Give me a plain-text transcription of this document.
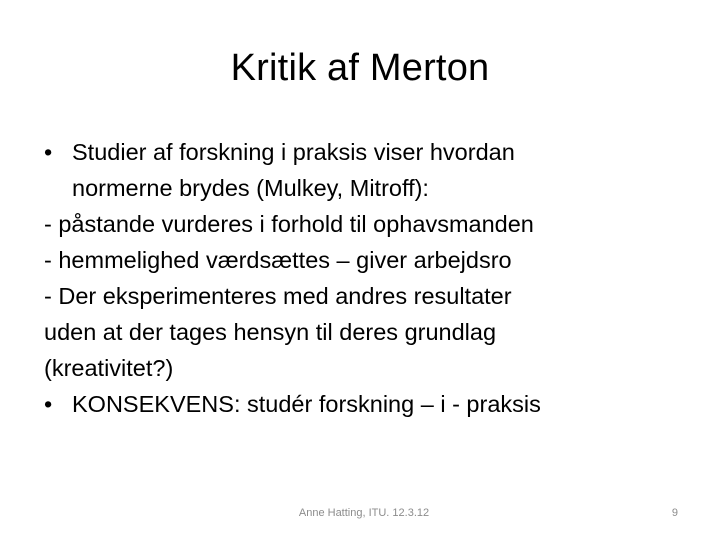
Kritik af Merton
• Studier af forskning i praksis viser hvordan
normerne brydes (Mulkey, Mitroff):
- påstande vurderes i forhold til ophavsmanden
- hemmelighed værdsættes – giver arbejdsro
- Der eksperimenteres med andres resultater
uden at der tages hensyn til deres grundlag
(kreativitet?)
• KONSEKVENS: studér forskning – i - praksis
Anne Hatting, ITU. 12.3.12	9
